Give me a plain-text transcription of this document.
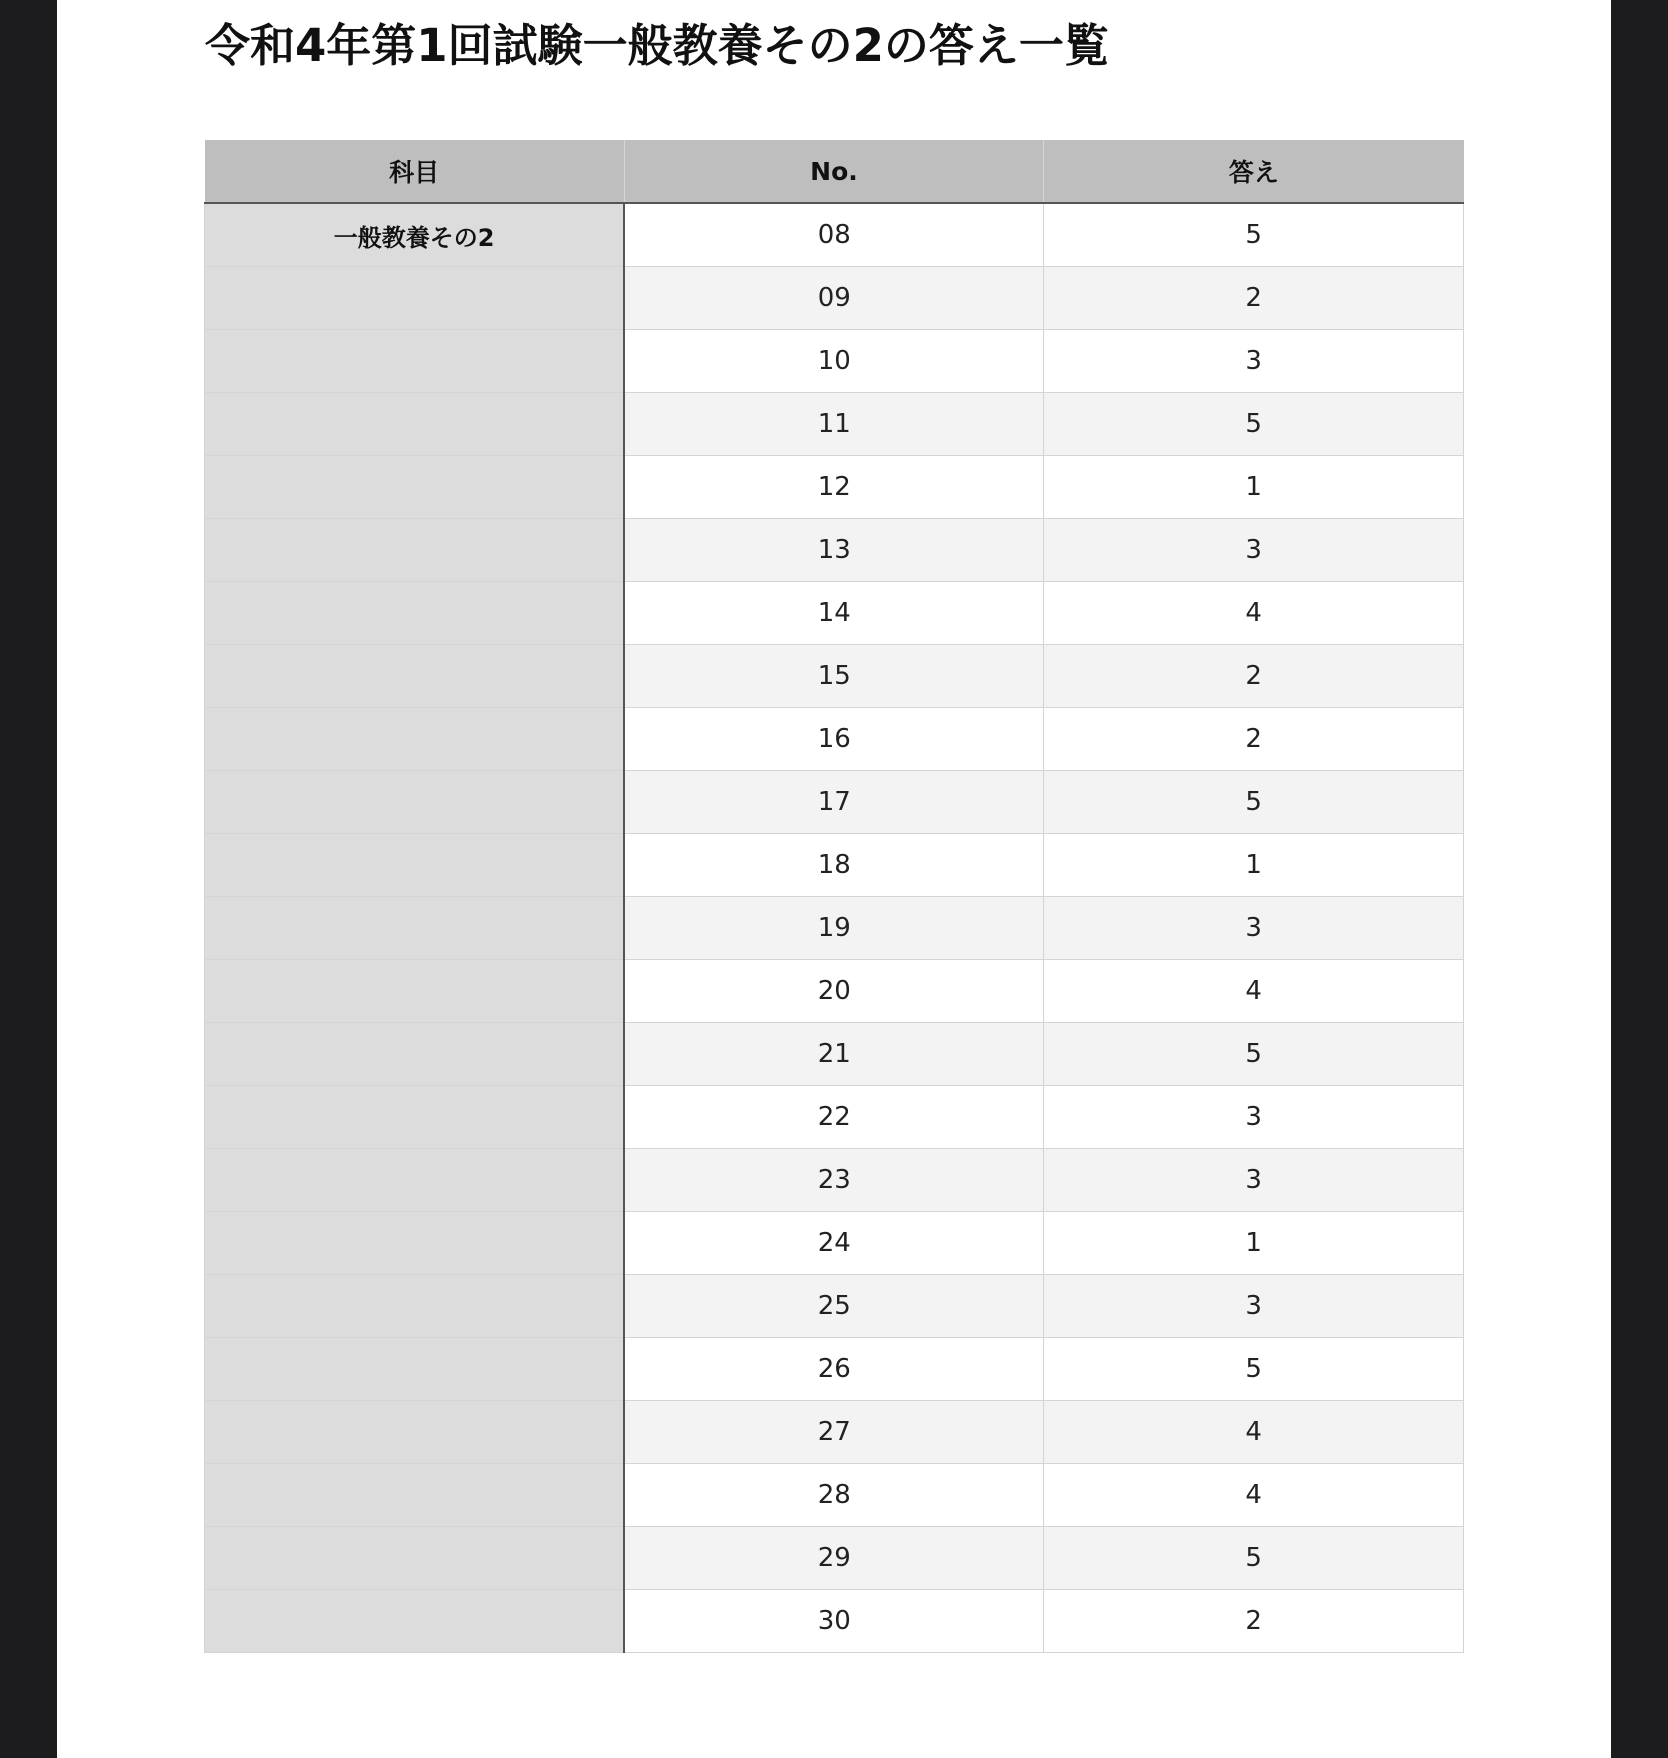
令和4年第1回試験一般教養その2の答え一覧
科目	No.	答え
一般教養その2	08	5
	09	2
	10	3
	11	5
	12	1
	13	3
	14	4
	15	2
	16	2
	17	5
	18	1
	19	3
	20	4
	21	5
	22	3
	23	3
	24	1
	25	3
	26	5
	27	4
	28	4
	29	5
	30	2
